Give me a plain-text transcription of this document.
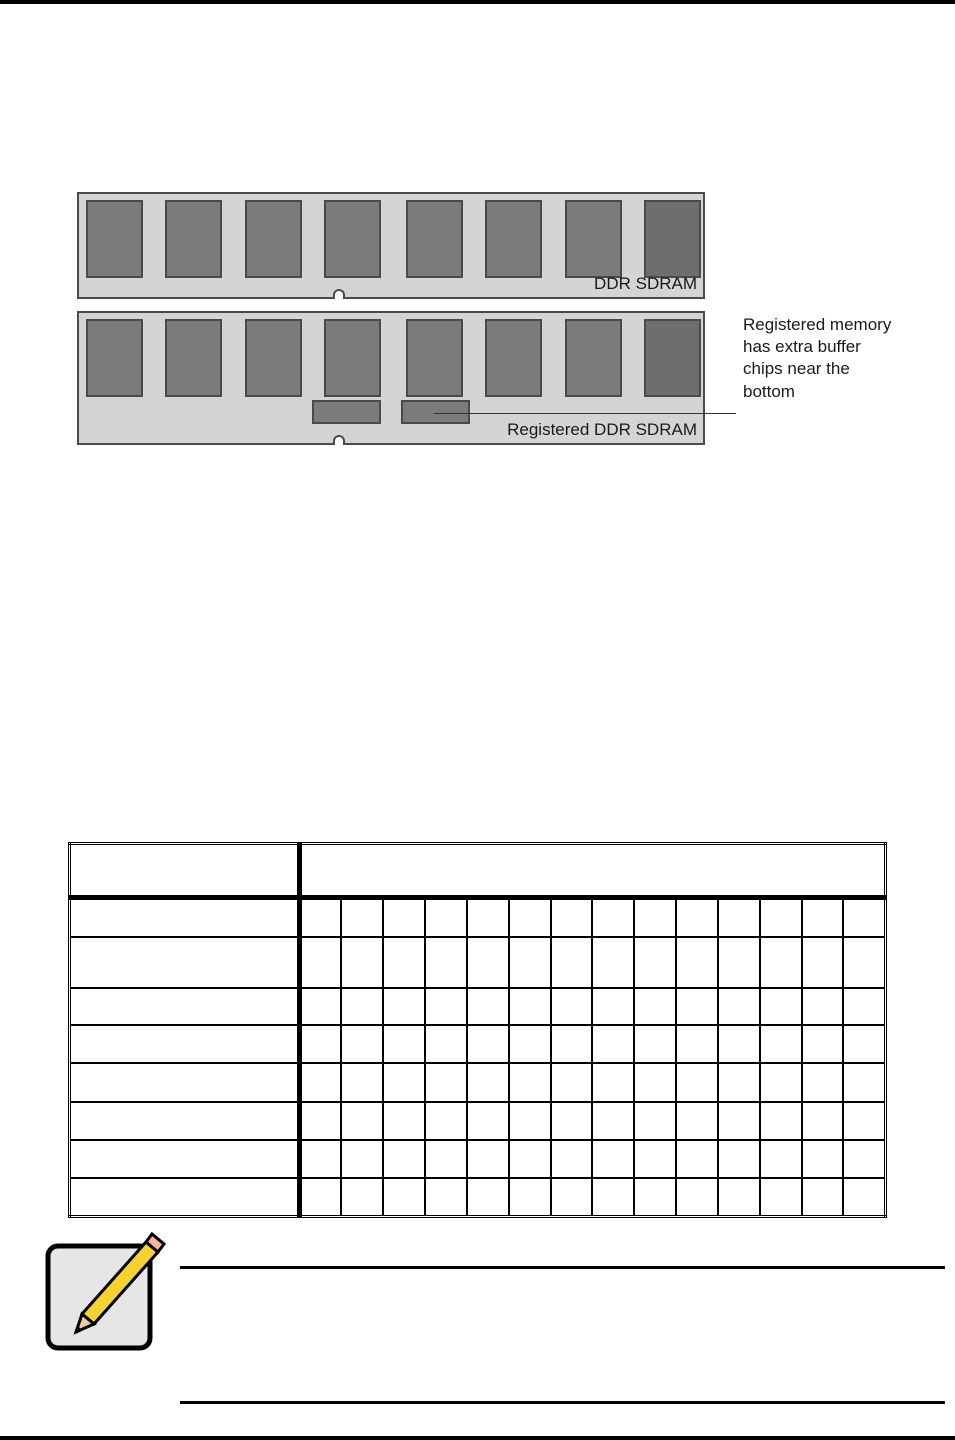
DDR SDRAM
Registered DDR SDRAM
Registered memory has extra buffer chips near the bottom
